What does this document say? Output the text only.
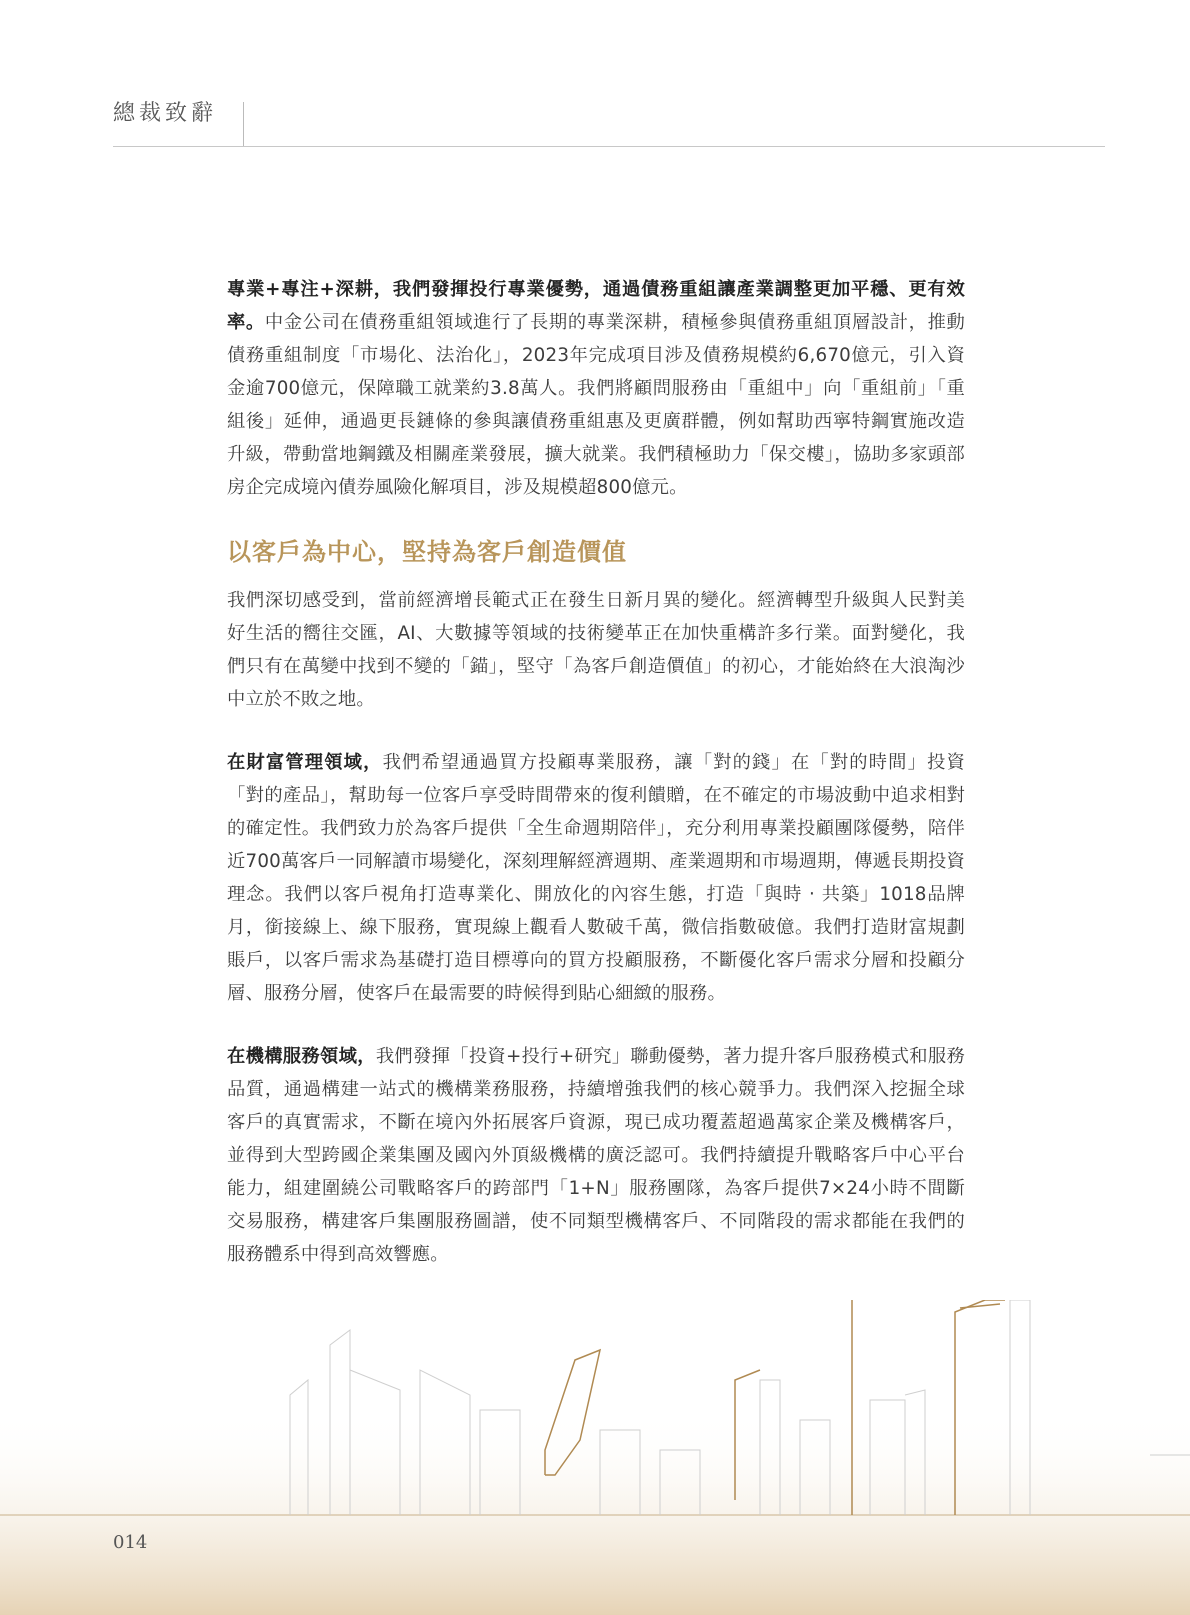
總裁致辭

專業+專注+深耕，我們發揮投行專業優勢，通過債務重組讓產業調整更加平穩、更有效率。中金公司在債務重組領域進行了長期的專業深耕，積極參與債務重組頂層設計，推動債務重組制度「市場化、法治化」，2023年完成項目涉及債務規模約6,670億元，引入資金逾700億元，保障職工就業約3.8萬人。我們將顧問服務由「重組中」向「重組前」「重組後」延伸，通過更長鏈條的參與讓債務重組惠及更廣群體，例如幫助西寧特鋼實施改造升級，帶動當地鋼鐵及相關產業發展，擴大就業。我們積極助力「保交樓」，協助多家頭部房企完成境內債券風險化解項目，涉及規模超800億元。

以客戶為中心，堅持為客戶創造價值

我們深切感受到，當前經濟增長範式正在發生日新月異的變化。經濟轉型升級與人民對美好生活的嚮往交匯，AI、大數據等領域的技術變革正在加快重構許多行業。面對變化，我們只有在萬變中找到不變的「錨」，堅守「為客戶創造價值」的初心，才能始終在大浪淘沙中立於不敗之地。

在財富管理領域，我們希望通過買方投顧專業服務，讓「對的錢」在「對的時間」投資「對的產品」，幫助每一位客戶享受時間帶來的復利饋贈，在不確定的市場波動中追求相對的確定性。我們致力於為客戶提供「全生命週期陪伴」，充分利用專業投顧團隊優勢，陪伴近700萬客戶一同解讀市場變化，深刻理解經濟週期、產業週期和市場週期，傳遞長期投資理念。我們以客戶視角打造專業化、開放化的內容生態，打造「與時 · 共築」1018品牌月，銜接線上、線下服務，實現線上觀看人數破千萬，微信指數破億。我們打造財富規劃賬戶，以客戶需求為基礎打造目標導向的買方投顧服務，不斷優化客戶需求分層和投顧分層、服務分層，使客戶在最需要的時候得到貼心細緻的服務。

在機構服務領域，我們發揮「投資+投行+研究」聯動優勢，著力提升客戶服務模式和服務品質，通過構建一站式的機構業務服務，持續增強我們的核心競爭力。我們深入挖掘全球客戶的真實需求，不斷在境內外拓展客戶資源，現已成功覆蓋超過萬家企業及機構客戶，並得到大型跨國企業集團及國內外頂級機構的廣泛認可。我們持續提升戰略客戶中心平台能力，組建圍繞公司戰略客戶的跨部門「1+N」服務團隊，為客戶提供7×24小時不間斷交易服務，構建客戶集團服務圖譜，使不同類型機構客戶、不同階段的需求都能在我們的服務體系中得到高效響應。

014
